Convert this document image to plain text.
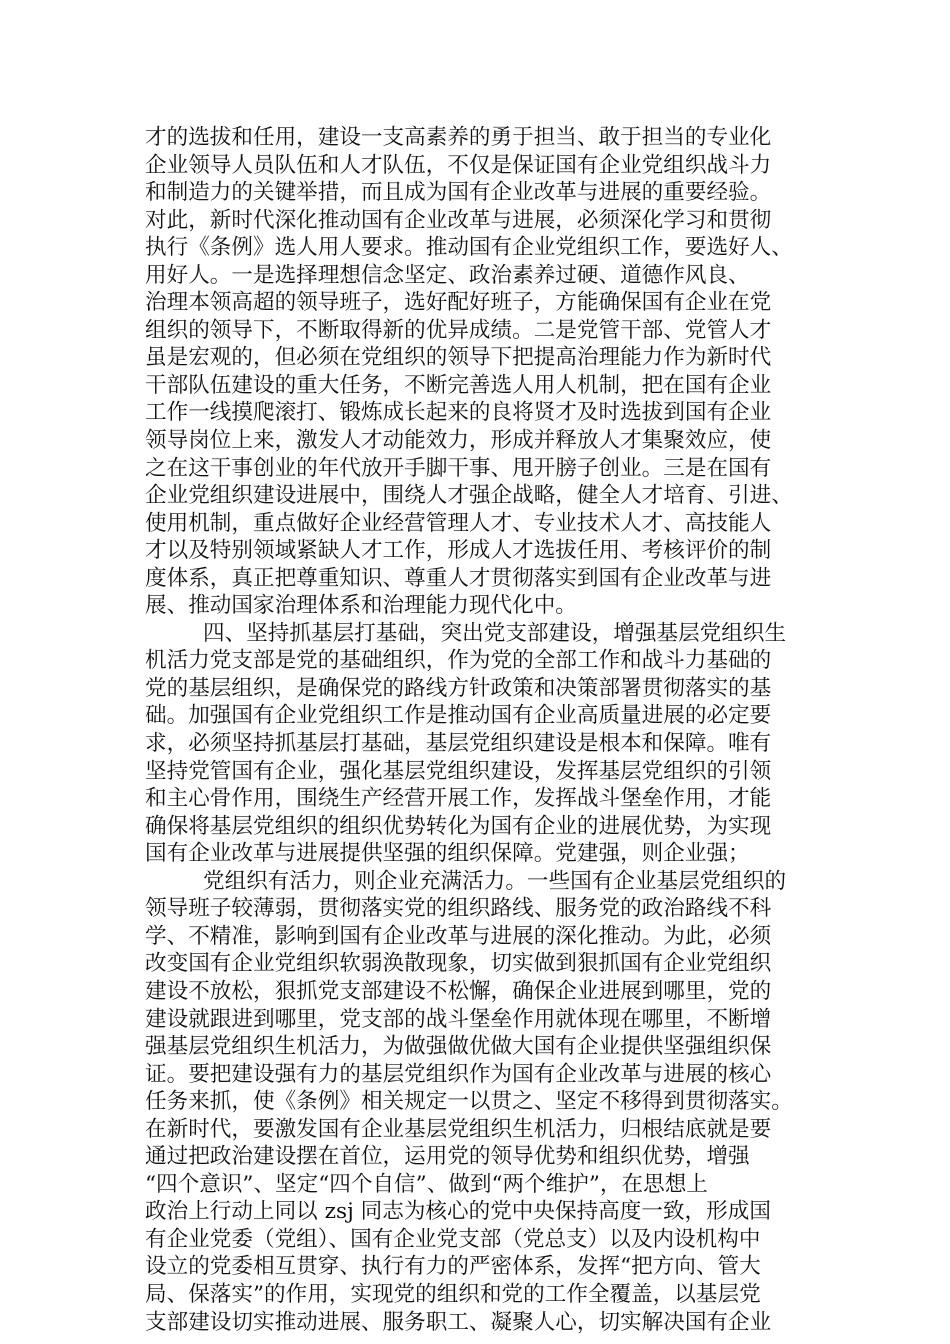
才的选拔和任用，建设一支高素养的勇于担当、敢于担当的专业化
企业领导人员队伍和人才队伍，不仅是保证国有企业党组织战斗力
和制造力的关键举措，而且成为国有企业改革与进展的重要经验。
对此，新时代深化推动国有企业改革与进展，必须深化学习和贯彻
执行《条例》选人用人要求。推动国有企业党组织工作，要选好人、
用好人。一是选择理想信念坚定、政治素养过硬、道德作风良、
治理本领高超的领导班子，选好配好班子，方能确保国有企业在党
组织的领导下，不断取得新的优异成绩。二是党管干部、党管人才
虽是宏观的，但必须在党组织的领导下把提高治理能力作为新时代
干部队伍建设的重大任务，不断完善选人用人机制，把在国有企业
工作一线摸爬滚打、锻炼成长起来的良将贤才及时选拔到国有企业
领导岗位上来，激发人才动能效力，形成并释放人才集聚效应，使
之在这干事创业的年代放开手脚干事、甩开膀子创业。三是在国有
企业党组织建设进展中，围绕人才强企战略，健全人才培育、引进、
使用机制，重点做好企业经营管理人才、专业技术人才、高技能人
才以及特别领域紧缺人才工作，形成人才选拔任用、考核评价的制
度体系，真正把尊重知识、尊重人才贯彻落实到国有企业改革与进
展、推动国家治理体系和治理能力现代化中。
四、坚持抓基层打基础，突出党支部建设，增强基层党组织生
机活力党支部是党的基础组织，作为党的全部工作和战斗力基础的
党的基层组织，是确保党的路线方针政策和决策部署贯彻落实的基
础。加强国有企业党组织工作是推动国有企业高质量进展的必定要
求，必须坚持抓基层打基础，基层党组织建设是根本和保障。唯有
坚持党管国有企业，强化基层党组织建设，发挥基层党组织的引领
和主心骨作用，围绕生产经营开展工作，发挥战斗堡垒作用，才能
确保将基层党组织的组织优势转化为国有企业的进展优势，为实现
国有企业改革与进展提供坚强的组织保障。党建强，则企业强；
党组织有活力，则企业充满活力。一些国有企业基层党组织的
领导班子较薄弱，贯彻落实党的组织路线、服务党的政治路线不科
学、不精准，影响到国有企业改革与进展的深化推动。为此，必须
改变国有企业党组织软弱涣散现象，切实做到狠抓国有企业党组织
建设不放松，狠抓党支部建设不松懈，确保企业进展到哪里，党的
建设就跟进到哪里，党支部的战斗堡垒作用就体现在哪里，不断增
强基层党组织生机活力，为做强做优做大国有企业提供坚强组织保
证。要把建设强有力的基层党组织作为国有企业改革与进展的核心
任务来抓，使《条例》相关规定一以贯之、坚定不移得到贯彻落实。
在新时代，要激发国有企业基层党组织生机活力，归根结底就是要
通过把政治建设摆在首位，运用党的领导优势和组织优势，增强
“四个意识”、坚定“四个自信”、做到“两个维护”，在思想上
政治上行动上同以 zsj 同志为核心的党中央保持高度一致，形成国
有企业党委（党组）、国有企业党支部（党总支）以及内设机构中
设立的党委相互贯穿、执行有力的严密体系，发挥“把方向、管大
局、保落实”的作用，实现党的组织和党的工作全覆盖，以基层党
支部建设切实推动进展、服务职工、凝聚人心，切实解决国有企业
